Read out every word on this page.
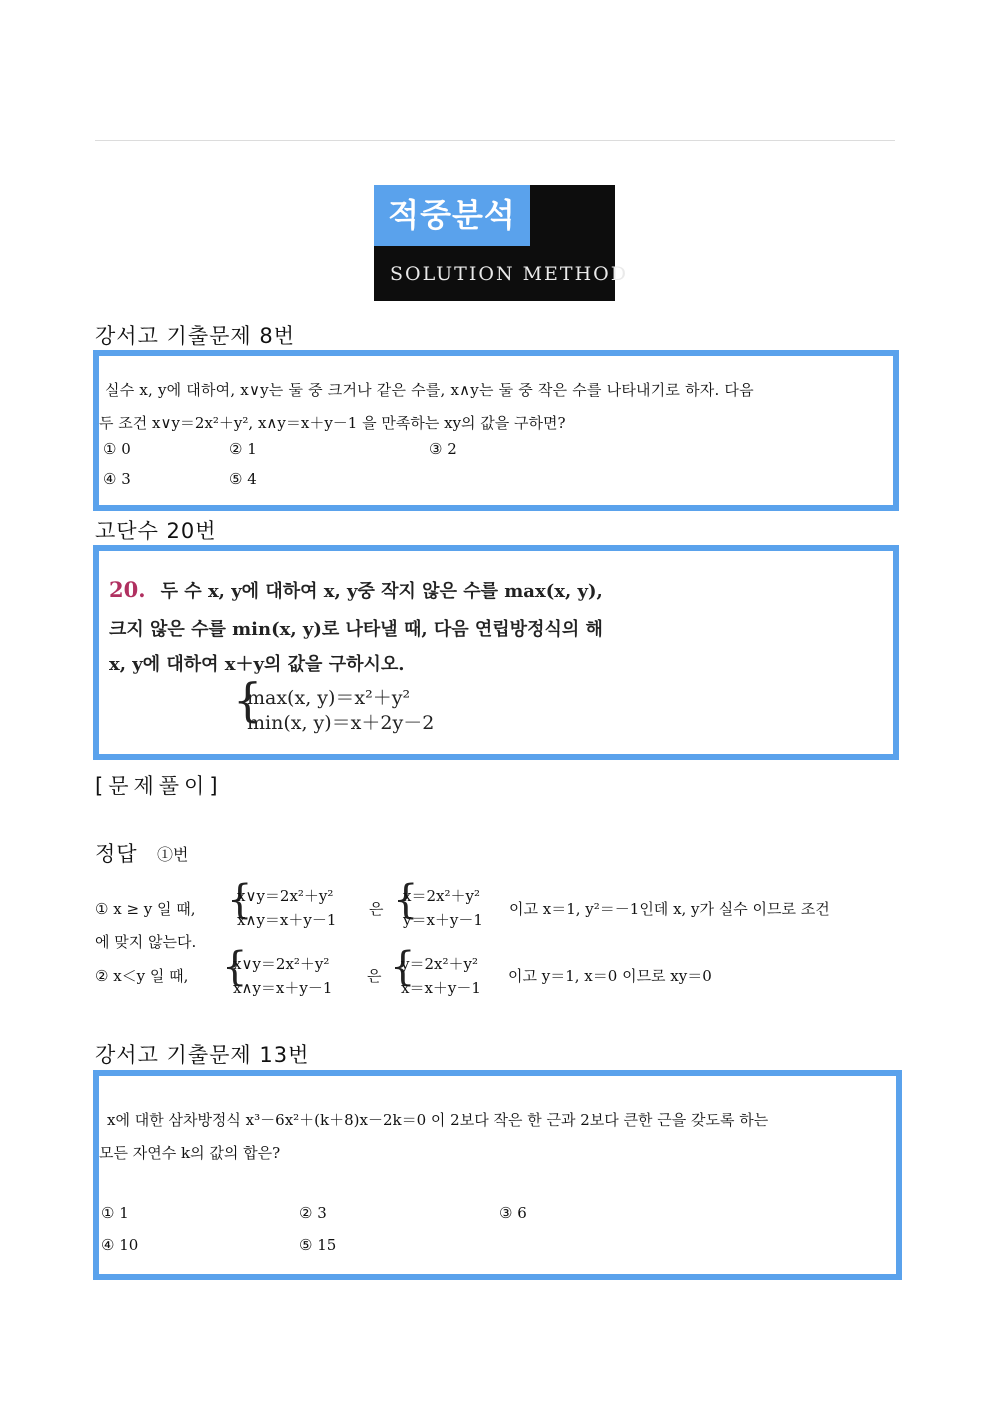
적중분석
SOLUTION METHOD
강서고 기출문제 8번
실수 x, y에 대하여, x∨y는 둘 중 크거나 같은 수를, x∧y는 둘 중 작은 수를 나타내기로 하자. 다음
두 조건 x∨y＝2x²＋y², x∧y＝x＋y－1 을 만족하는 xy의 값을 구하면?
① 0	② 1	③ 2
④ 3	⑤ 4
고단수 20번
20. 두 수 x, y에 대하여 x, y중 작지 않은 수를 max(x, y),
크지 않은 수를 min(x, y)로 나타낼 때, 다음 연립방정식의 해
x, y에 대하여 x＋y의 값을 구하시오.
{
max(x, y)＝x²＋y²
min(x, y)＝x＋2y－2
[문제풀이]
정답 ①번
① x ≥ y 일 때, {
x∨y＝2x²＋y²
x∧y＝x＋y－1
은 {
x＝2x²＋y²
y＝x＋y－1
이고 x＝1, y²＝－1인데 x, y가 실수 이므로 조건
에 맞지 않는다.
② x＜y 일 때, {
x∨y＝2x²＋y²
x∧y＝x＋y－1
은 {
y＝2x²＋y²
x＝x＋y－1
이고 y＝1, x＝0 이므로 xy＝0
강서고 기출문제 13번
x에 대한 삼차방정식 x³－6x²＋(k＋8)x－2k＝0 이 2보다 작은 한 근과 2보다 큰한 근을 갖도록 하는
모든 자연수 k의 값의 합은?
① 1	② 3	③ 6
④ 10	⑤ 15
